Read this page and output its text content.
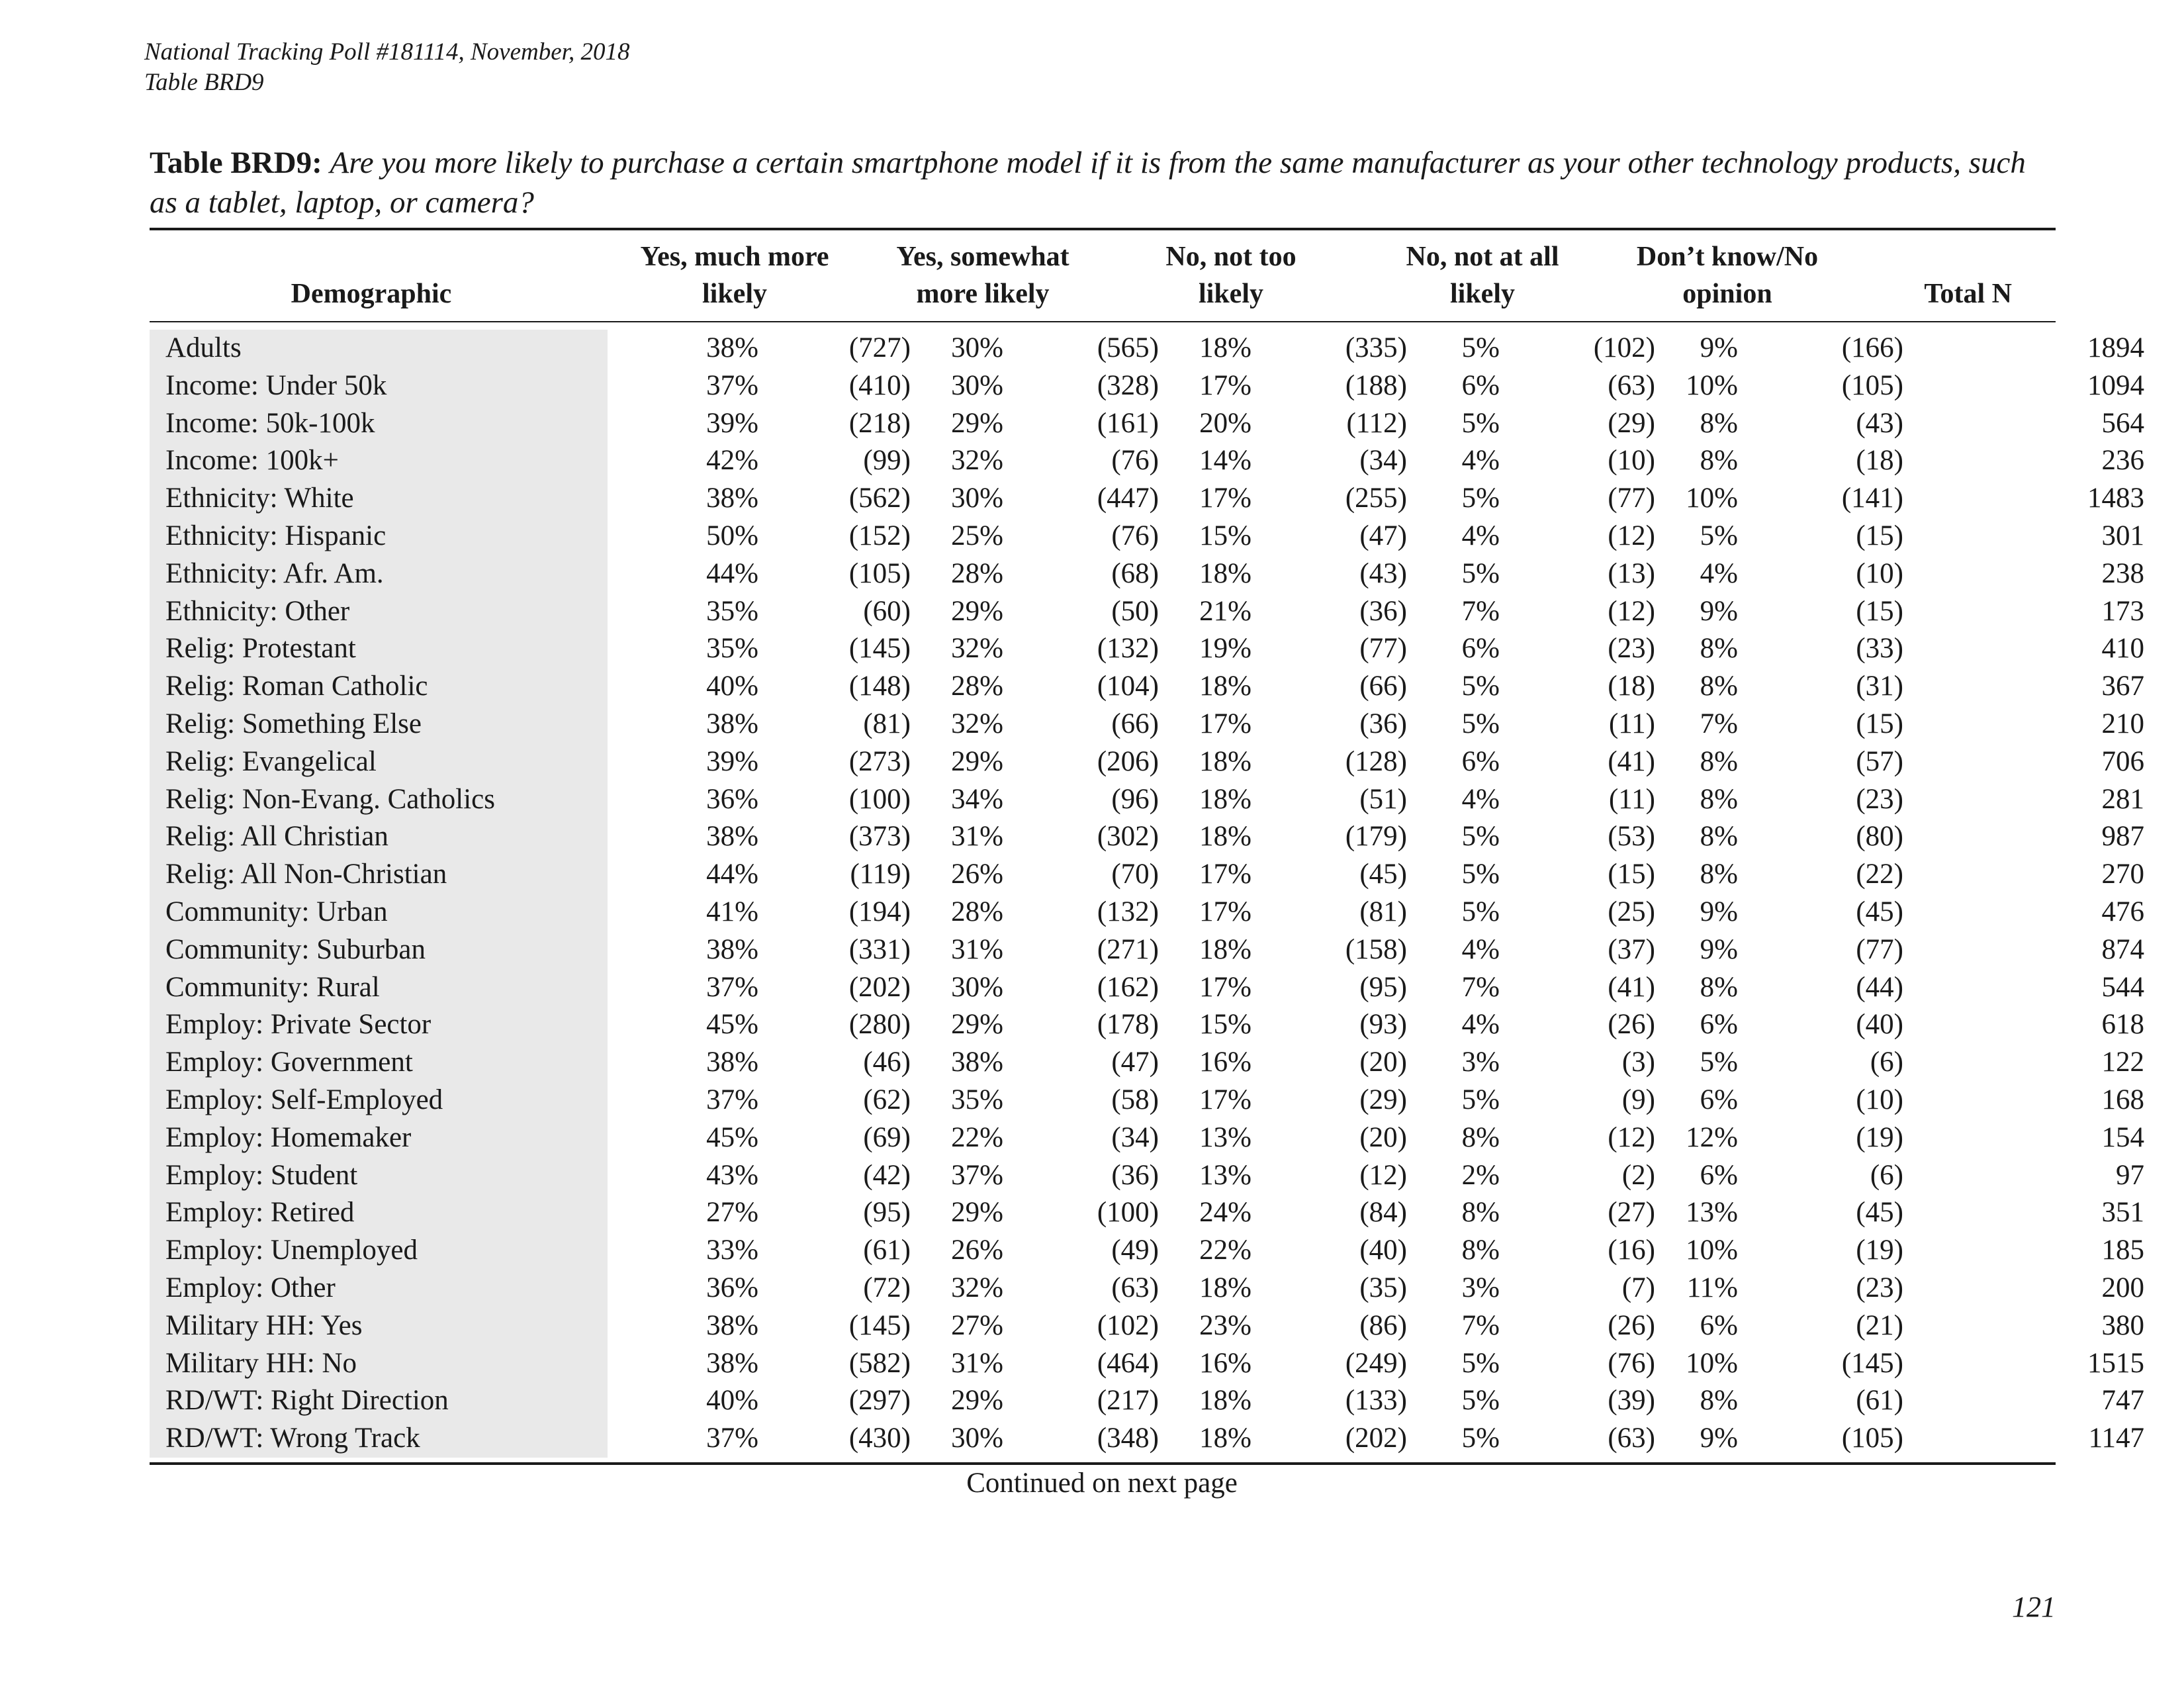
National Tracking Poll #181114, November, 2018
Table BRD9
Table BRD9: Are you more likely to purchase a certain smartphone model if it is from the same manufacturer as your other technology products, such as a tablet, laptop, or camera?
Demographic
Yes, much more
likely
Yes, somewhat
more likely
No, not too
likely
No, not at all
likely
Don’t know/No
opinion	Total N
Adults	38%	(727)	30%	(565)	18%	(335)	5%	(102)	9%	(166)	1894
Income: Under 50k	37%	(410)	30%	(328)	17%	(188)	6%	(63)	10%	(105)	1094
Income: 50k-100k	39%	(218)	29%	(161)	20%	(112)	5%	(29)	8%	(43)	564
Income: 100k+	42%	(99)	32%	(76)	14%	(34)	4%	(10)	8%	(18)	236
Ethnicity: White	38%	(562)	30%	(447)	17%	(255)	5%	(77)	10%	(141)	1483
Ethnicity: Hispanic	50%	(152)	25%	(76)	15%	(47)	4%	(12)	5%	(15)	301
Ethnicity: Afr. Am.	44%	(105)	28%	(68)	18%	(43)	5%	(13)	4%	(10)	238
Ethnicity: Other	35%	(60)	29%	(50)	21%	(36)	7%	(12)	9%	(15)	173
Relig: Protestant	35%	(145)	32%	(132)	19%	(77)	6%	(23)	8%	(33)	410
Relig: Roman Catholic	40%	(148)	28%	(104)	18%	(66)	5%	(18)	8%	(31)	367
Relig: Something Else	38%	(81)	32%	(66)	17%	(36)	5%	(11)	7%	(15)	210
Relig: Evangelical	39%	(273)	29%	(206)	18%	(128)	6%	(41)	8%	(57)	706
Relig: Non-Evang. Catholics	36%	(100)	34%	(96)	18%	(51)	4%	(11)	8%	(23)	281
Relig: All Christian	38%	(373)	31%	(302)	18%	(179)	5%	(53)	8%	(80)	987
Relig: All Non-Christian	44%	(119)	26%	(70)	17%	(45)	5%	(15)	8%	(22)	270
Community: Urban	41%	(194)	28%	(132)	17%	(81)	5%	(25)	9%	(45)	476
Community: Suburban	38%	(331)	31%	(271)	18%	(158)	4%	(37)	9%	(77)	874
Community: Rural	37%	(202)	30%	(162)	17%	(95)	7%	(41)	8%	(44)	544
Employ: Private Sector	45%	(280)	29%	(178)	15%	(93)	4%	(26)	6%	(40)	618
Employ: Government	38%	(46)	38%	(47)	16%	(20)	3%	(3)	5%	(6)	122
Employ: Self-Employed	37%	(62)	35%	(58)	17%	(29)	5%	(9)	6%	(10)	168
Employ: Homemaker	45%	(69)	22%	(34)	13%	(20)	8%	(12)	12%	(19)	154
Employ: Student	43%	(42)	37%	(36)	13%	(12)	2%	(2)	6%	(6)	97
Employ: Retired	27%	(95)	29%	(100)	24%	(84)	8%	(27)	13%	(45)	351
Employ: Unemployed	33%	(61)	26%	(49)	22%	(40)	8%	(16)	10%	(19)	185
Employ: Other	36%	(72)	32%	(63)	18%	(35)	3%	(7)	11%	(23)	200
Military HH: Yes	38%	(145)	27%	(102)	23%	(86)	7%	(26)	6%	(21)	380
Military HH: No	38%	(582)	31%	(464)	16%	(249)	5%	(76)	10%	(145)	1515
RD/WT: Right Direction	40%	(297)	29%	(217)	18%	(133)	5%	(39)	8%	(61)	747
RD/WT: Wrong Track	37%	(430)	30%	(348)	18%	(202)	5%	(63)	9%	(105)	1147
Continued on next page
121
